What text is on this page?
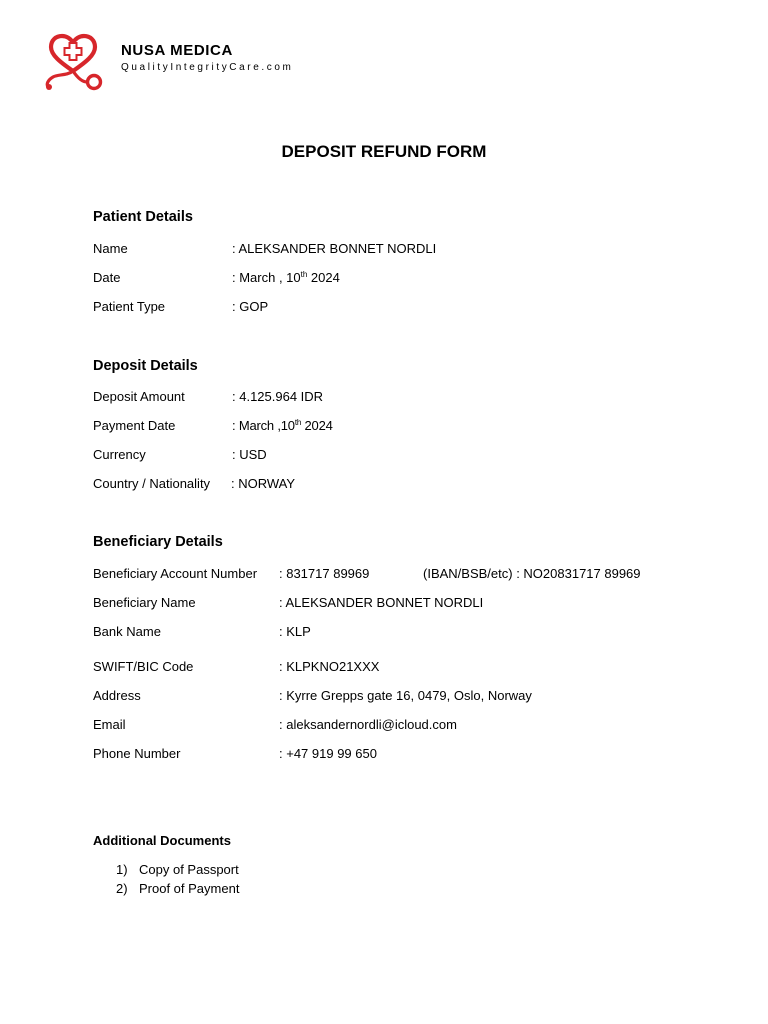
NUSA MEDICA
QualityIntegrityCare.com
DEPOSIT REFUND FORM
Patient Details
Name	: ALEKSANDER BONNET NORDLI
Date	: March , 10th 2024
Patient Type	: GOP
Deposit Details
Deposit Amount	: 4.125.964 IDR
Payment Date	: March ,10th 2024
Currency	: USD
Country / Nationality : NORWAY
Beneficiary Details
Beneficiary Account Number : 831717 89969	(IBAN/BSB/etc) : NO20831717 89969
Beneficiary Name	: ALEKSANDER BONNET NORDLI
Bank Name	: KLP
SWIFT/BIC Code	: KLPKNO21XXX
Address	: Kyrre Grepps gate 16, 0479, Oslo, Norway
Email	: aleksandernordli@icloud.com
Phone Number	: +47 919 99 650
Additional Documents
1) Copy of Passport
2) Proof of Payment
